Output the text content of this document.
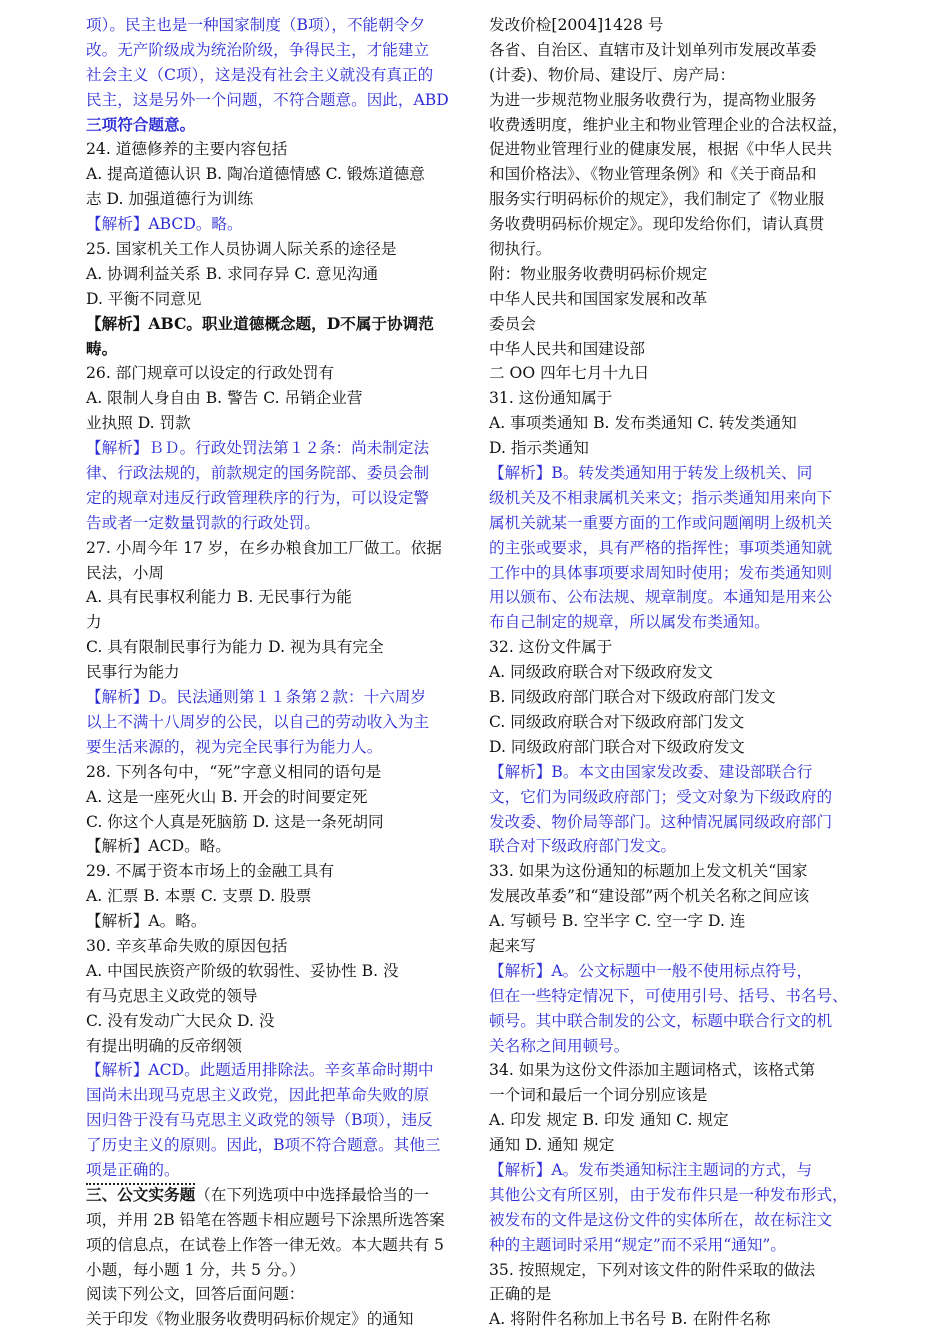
项）。民主也是一种国家制度（B项），不能朝令夕
改。无产阶级成为统治阶级，争得民主，才能建立
社会主义（C项），这是没有社会主义就没有真正的
民主，这是另外一个问题，不符合题意。因此，ABD
三项符合题意。
24. 道德修养的主要内容包括
A. 提高道德认识 B. 陶冶道德情感 C. 锻炼道德意
志 D. 加强道德行为训练
【解析】ABCD。略。
25. 国家机关工作人员协调人际关系的途径是
A. 协调利益关系 B. 求同存异 C. 意见沟通
D. 平衡不同意见
【解析】ABC。职业道德概念题，D不属于协调范
畴。
26. 部门规章可以设定的行政处罚有
A. 限制人身自由 B. 警告 C. 吊销企业营
业执照 D. 罚款
【解析】ＢＤ。行政处罚法第１２条：尚未制定法
律、行政法规的，前款规定的国务院部、委员会制
定的规章对违反行政管理秩序的行为，可以设定警
告或者一定数量罚款的行政处罚。
27. 小周今年 17 岁，在乡办粮食加工厂做工。依据
民法，小周
A. 具有民事权利能力 B. 无民事行为能
力
C. 具有限制民事行为能力 D. 视为具有完全
民事行为能力
【解析】D。民法通则第１１条第２款：十六周岁
以上不满十八周岁的公民，以自己的劳动收入为主
要生活来源的，视为完全民事行为能力人。
28. 下列各句中，“死”字意义相同的语句是
A. 这是一座死火山 B. 开会的时间要定死
C. 你这个人真是死脑筋 D. 这是一条死胡同
【解析】ACD。略。
29. 不属于资本市场上的金融工具有
A. 汇票 B. 本票 C. 支票 D. 股票
【解析】A。略。
30. 辛亥革命失败的原因包括
A. 中国民族资产阶级的软弱性、妥协性 B. 没
有马克思主义政党的领导
C. 没有发动广大民众 D. 没
有提出明确的反帝纲领
【解析】ACD。此题适用排除法。辛亥革命时期中
国尚未出现马克思主义政党，因此把革命失败的原
因归咎于没有马克思主义政党的领导（B项），违反
了历史主义的原则。因此，B项不符合题意。其他三
项是正确的。
三、公文实务题（在下列选项中中选择最恰当的一
项，并用 2B 铅笔在答题卡相应题号下涂黑所选答案
项的信息点，在试卷上作答一律无效。本大题共有 5
小题，每小题 1 分，共 5 分。）
阅读下列公文，回答后面问题：
关于印发《物业服务收费明码标价规定》的通知
发改价检[2004]1428 号
各省、自治区、直辖市及计划单列市发展改革委
(计委)、物价局、建设厅、房产局：
为进一步规范物业服务收费行为，提高物业服务
收费透明度，维护业主和物业管理企业的合法权益，
促进物业管理行业的健康发展，根据《中华人民共
和国价格法》、《物业管理条例》和《关于商品和
服务实行明码标价的规定》，我们制定了《物业服
务收费明码标价规定》。现印发给你们，请认真贯
彻执行。
附：物业服务收费明码标价规定
中华人民共和国国家发展和改革
委员会
中华人民共和国建设部
二 OO 四年七月十九日
31. 这份通知属于
A. 事项类通知 B. 发布类通知 C. 转发类通知
D. 指示类通知
【解析】B。转发类通知用于转发上级机关、同
级机关及不相隶属机关来文；指示类通知用来向下
属机关就某一重要方面的工作或问题阐明上级机关
的主张或要求，具有严格的指挥性；事项类通知就
工作中的具体事项要求周知时使用；发布类通知则
用以颁布、公布法规、规章制度。本通知是用来公
布自己制定的规章，所以属发布类通知。
32. 这份文件属于
A. 同级政府联合对下级政府发文
B. 同级政府部门联合对下级政府部门发文
C. 同级政府联合对下级政府部门发文
D. 同级政府部门联合对下级政府发文
【解析】B。本文由国家发改委、建设部联合行
文，它们为同级政府部门；受文对象为下级政府的
发改委、物价局等部门。这种情况属同级政府部门
联合对下级政府部门发文。
33. 如果为这份通知的标题加上发文机关“国家
发展改革委”和“建设部”两个机关名称之间应该
A. 写顿号 B. 空半字 C. 空一字 D. 连
起来写
【解析】A。公文标题中一般不使用标点符号，
但在一些特定情况下，可使用引号、括号、书名号、
顿号。其中联合制发的公文，标题中联合行文的机
关名称之间用顿号。
34. 如果为这份文件添加主题词格式，该格式第
一个词和最后一个词分别应该是
A. 印发 规定 B. 印发 通知 C. 规定
通知 D. 通知 规定
【解析】A。发布类通知标注主题词的方式，与
其他公文有所区别，由于发布件只是一种发布形式，
被发布的文件是这份文件的实体所在，故在标注文
种的主题词时采用“规定”而不采用“通知”。
35. 按照规定，下列对该文件的附件采取的做法
正确的是
A. 将附件名称加上书名号 B. 在附件名称
